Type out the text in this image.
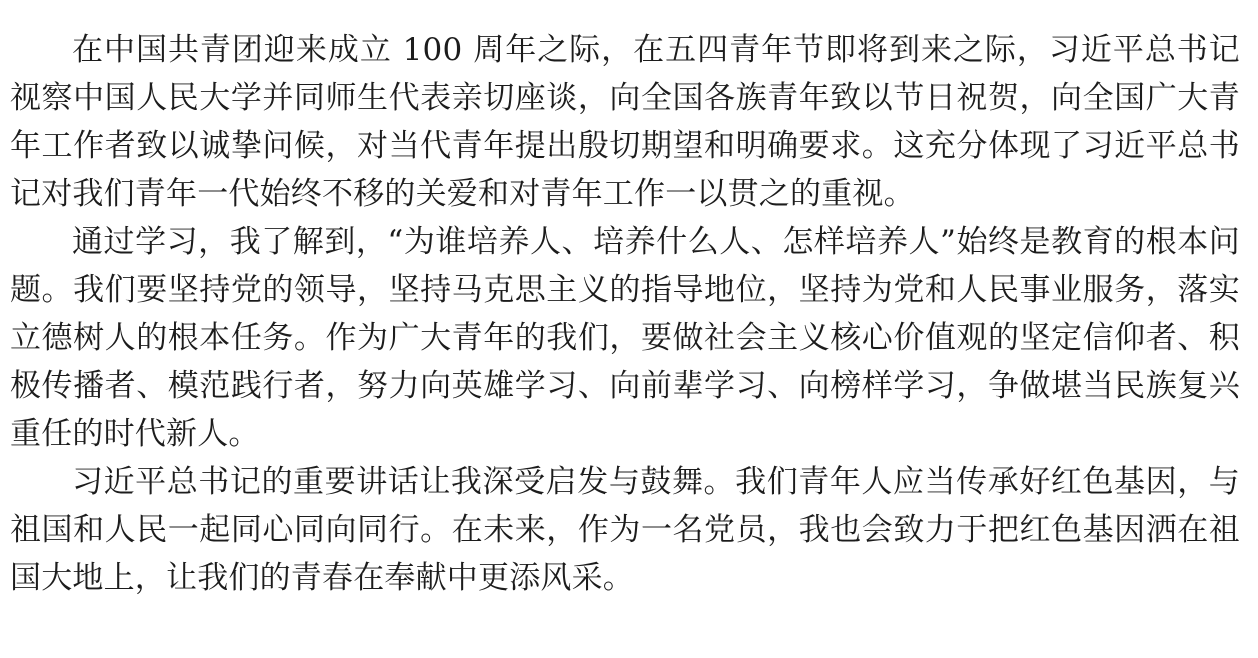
在中国共青团迎来成立 100 周年之际，在五四青年节即将到来之际，习近平总书记视察中国人民大学并同师生代表亲切座谈，向全国各族青年致以节日祝贺，向全国广大青年工作者致以诚挚问候，对当代青年提出殷切期望和明确要求。这充分体现了习近平总书记对我们青年一代始终不移的关爱和对青年工作一以贯之的重视。

通过学习，我了解到，“为谁培养人、培养什么人、怎样培养人”始终是教育的根本问题。我们要坚持党的领导，坚持马克思主义的指导地位，坚持为党和人民事业服务，落实立德树人的根本任务。作为广大青年的我们，要做社会主义核心价值观的坚定信仰者、积极传播者、模范践行者，努力向英雄学习、向前辈学习、向榜样学习，争做堪当民族复兴重任的时代新人。

习近平总书记的重要讲话让我深受启发与鼓舞。我们青年人应当传承好红色基因，与祖国和人民一起同心同向同行。在未来，作为一名党员，我也会致力于把红色基因洒在祖国大地上，让我们的青春在奉献中更添风采。
